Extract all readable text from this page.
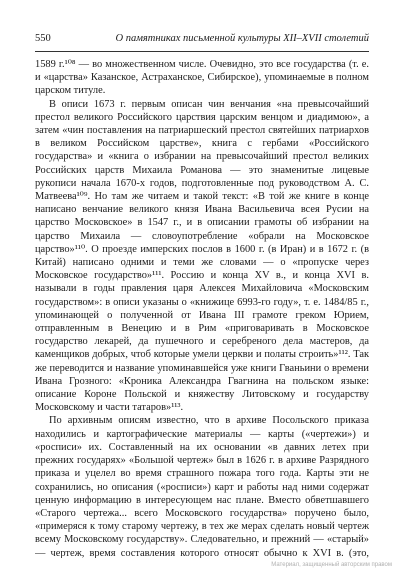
550	О памятниках письменной культуры XII–XVII столетий

1589 г.¹⁰⁸ — во множественном числе. Очевидно, это все государства (т. е. и «царства» Казанское, Астраханское, Сибирское), упоминаемые в полном царском титуле.

В описи 1673 г. первым описан чин венчания «на превысочайший престол великого Российского царствия царским венцом и диадимою», а затем «чин поставления на патриаршеский престол святейших патриархов в великом Российском царстве», книга с гербами «Российского государства» и «книга о избрании на превысочайший престол великих Российских царств Михаила Романова — это знаменитые лицевые рукописи начала 1670-х годов, подготовленные под руководством А. С. Матвеева¹⁰⁹. Но там же читаем и такой текст: «В той же книге в конце написано венчание великого князя Ивана Васильевича всея Русии на царство Московское» в 1547 г., и в описании грамоты об избрании на царство Михаила — словоупотребление «обрали на Московское царство»¹¹⁰. О проезде имперских послов в 1600 г. (в Иран) и в 1672 г. (в Китай) написано одними и теми же словами — о «пропуске через Московское государство»¹¹¹. Россию и конца XV в., и конца XVI в. называли в годы правления царя Алексея Михайловича «Московским государством»: в описи указаны о «книжице 6993-го году», т. е. 1484/85 г., упоминающей о полученной от Ивана III грамоте греком Юрием, отправленным в Венецию и в Рим «приговаривать в Московское государство лекарей, да пушечного и серебреного дела мастеров, да каменщиков добрых, чтоб которые умели церкви и полаты строить»¹¹². Так же переводится и название упоминавшейся уже книги Гваньини о времени Ивана Грозного: «Кроника Александра Гвагнина на польском языке: описание Короне Польской и княжеству Литовскому и государству Московскому и части татаров»¹¹³.

По архивным описям известно, что в архиве Посольского приказа находились и картографические материалы — карты («чертежи») и «росписи» их. Составленный на их основании «в давних летех при прежних государях» «Большой чертеж» был в 1626 г. в архиве Разрядного приказа и уцелел во время страшного пожара того года. Карты эти не сохранились, но описания («росписи») карт и работы над ними содержат ценную информацию в интересующем нас плане. Вместо обветшавшего «Старого чертежа... всего Московского государства» поручено было, «примеряся к тому старому чертежу, в тех же мерах сделать новый чертеж всему Московскому государству». Следовательно, и прежний — «старый» — чертеж, время составления которого относят обычно к XVI в. (это,

Материал, защищенный авторским правом
